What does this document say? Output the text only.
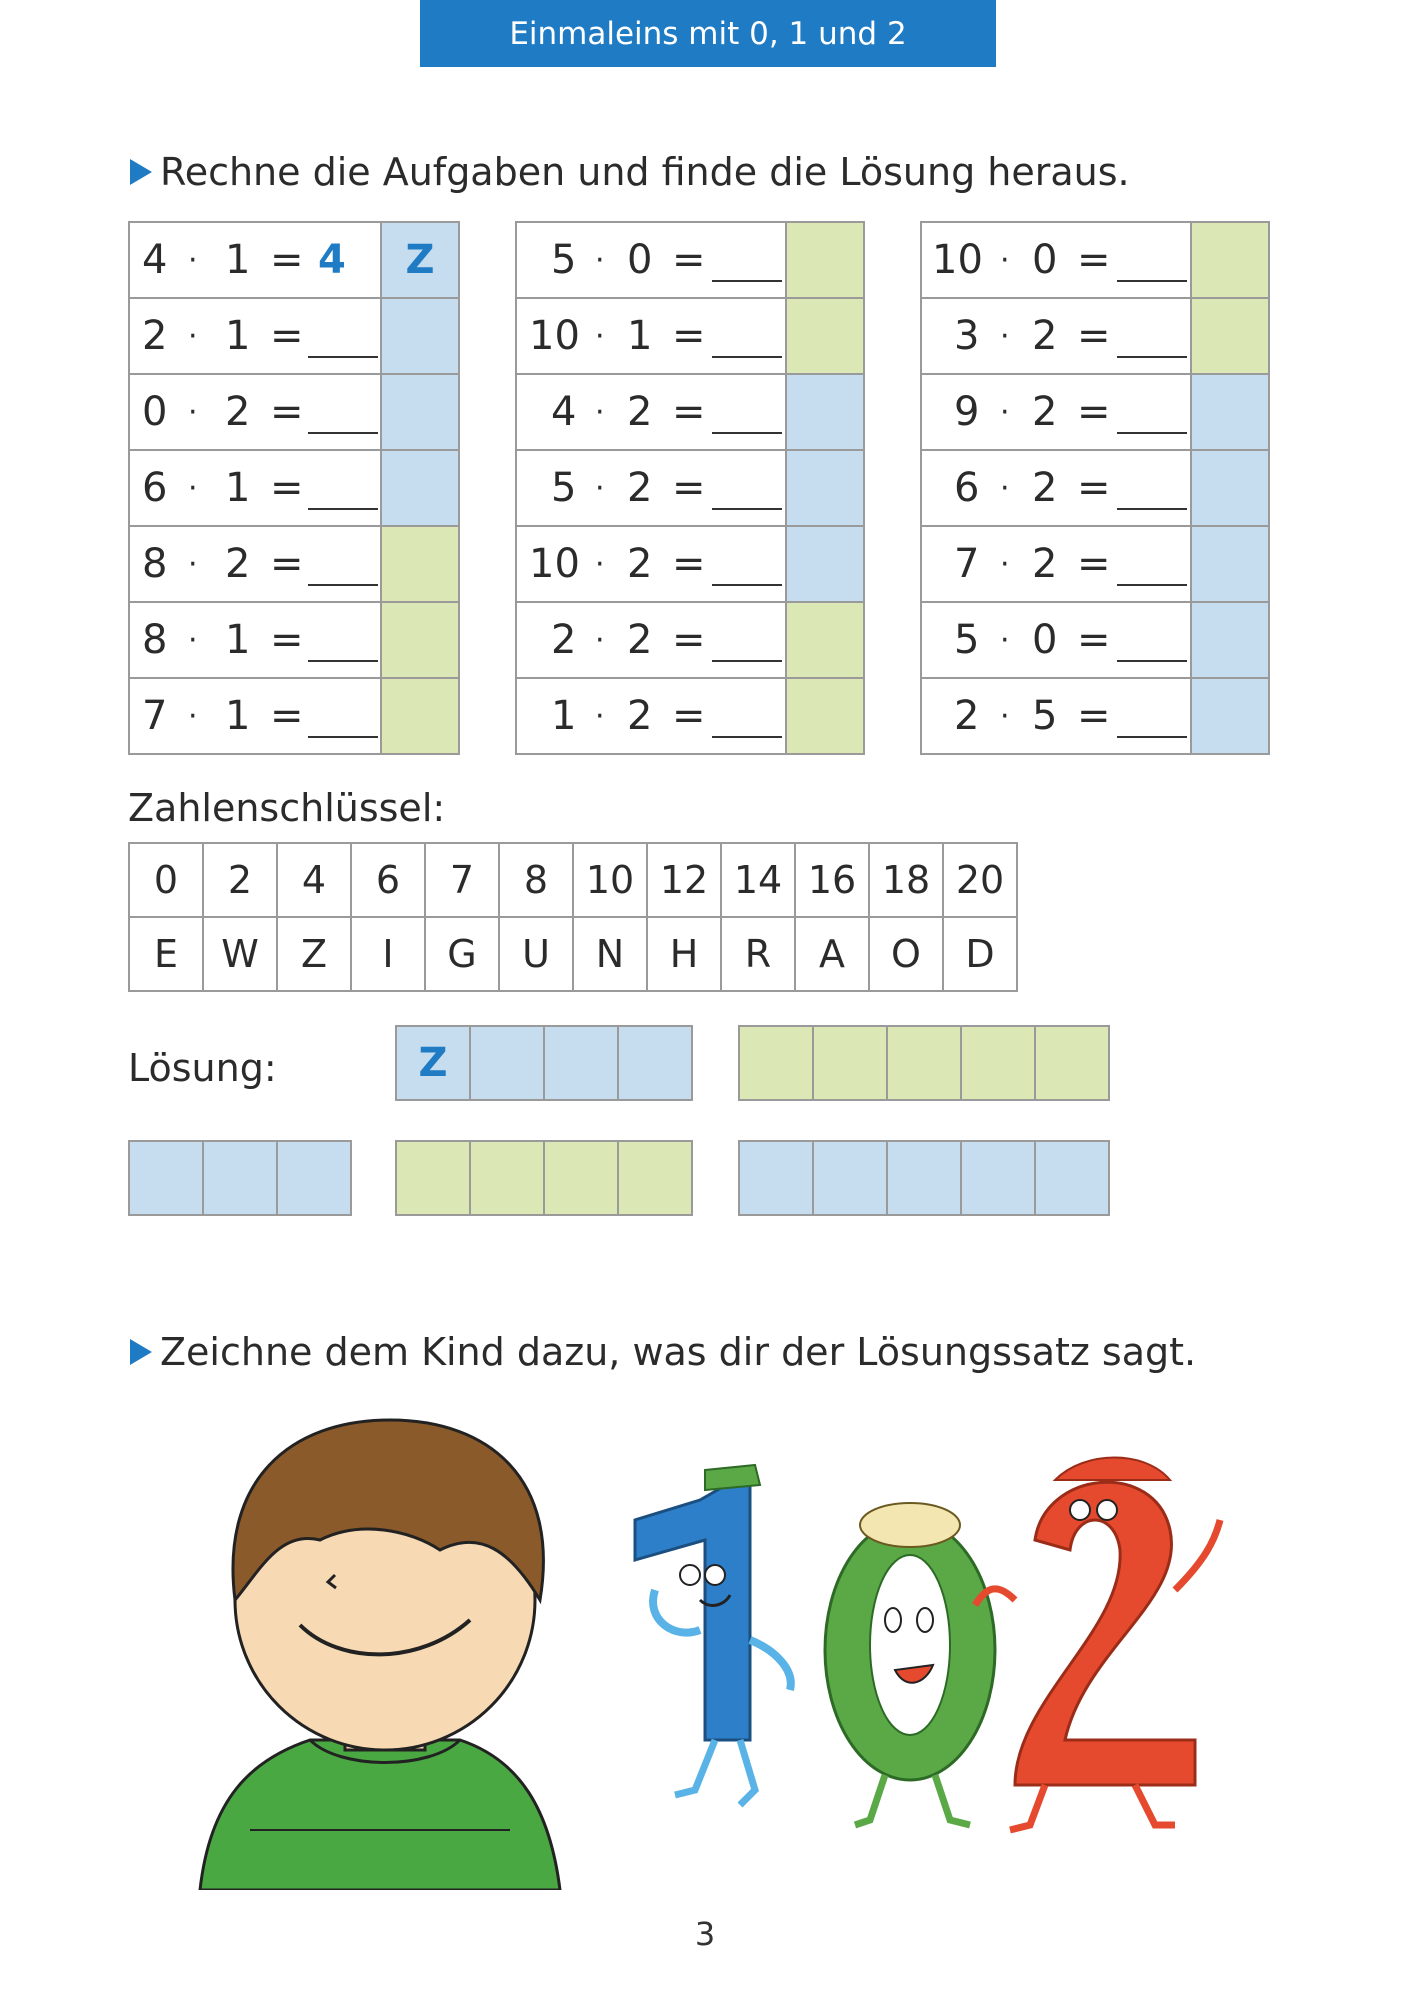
Einmaleins mit 0, 1 und 2
Rechne die Aufgaben und finde die Lösung heraus.
4 · 1 = 4	Z
2 · 1 =
0 · 2 =
6 · 1 =
8 · 2 =
8 · 1 =
7 · 1 =
5 · 0 =
10 · 1 =
4 · 2 =
5 · 2 =
10 · 2 =
2 · 2 =
1 · 2 =
10 · 0 =
3 · 2 =
9 · 2 =
6 · 2 =
7 · 2 =
5 · 0 =
2 · 5 =
Zahlenschlüssel:
0	2	4	6	7	8	10	12	14	16	18	20
E	W	Z	I	G	U	N	H	R	A	O	D
Lösung:	Z
Zeichne dem Kind dazu, was dir der Lösungssatz sagt.
3
